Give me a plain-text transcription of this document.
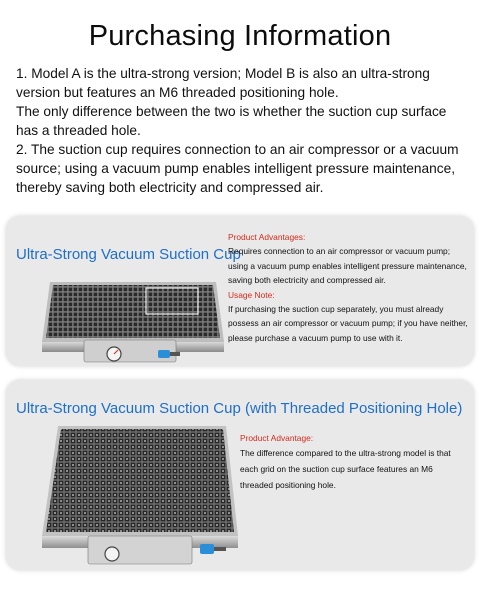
Purchasing Information

1. Model A is the ultra-strong version; Model B is also an ultra-strong version but features an M6 threaded positioning hole.

The only difference between the two is whether the suction cup surface has a threaded hole.

2. The suction cup requires connection to an air compressor or a vacuum source; using a vacuum pump enables intelligent pressure maintenance, thereby saving both electricity and compressed air.

Ultra-Strong Vacuum Suction Cup

Product Advantages:

Requires connection to an air compressor or vacuum pump; using a vacuum pump enables intelligent pressure maintenance, saving both electricity and compressed air.

Usage Note:

If purchasing the suction cup separately, you must already possess an air compressor or vacuum pump; if you have neither, please purchase a vacuum pump to use with it.

Ultra-Strong Vacuum Suction Cup (with Threaded Positioning Hole)

Product Advantage:

The difference compared to the ultra-strong model is that each grid on the suction cup surface features an M6 threaded positioning hole.
